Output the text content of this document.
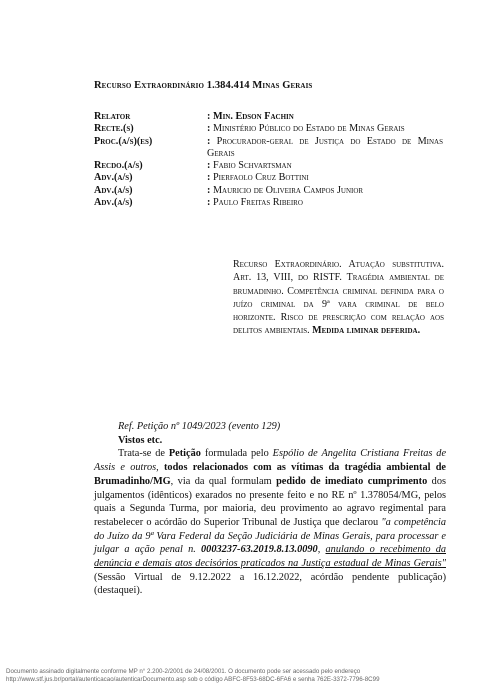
Recurso Extraordinário 1.384.414 Minas Gerais
Relator	: Min. Edson Fachin
Recte.(s)	: Ministério Público do Estado de Minas Gerais
Proc.(a/s)(es)	: Procurador-geral de Justiça do Estado de Minas Gerais
Recdo.(a/s)	: Fabio Schvartsman
Adv.(a/s)	: Pierfaolo Cruz Bottini
Adv.(a/s)	: Mauricio de Oliveira Campos Junior
Adv.(a/s)	: Paulo Freitas Ribeiro
Recurso Extraordinário. Atuação substitutiva. Art. 13, VIII, do RISTF. Tragédia ambiental de brumadinho. Competência criminal definida para o juízo criminal da 9ª vara criminal de belo horizonte. Risco de prescrição com relação aos delitos ambientais. Medida liminar deferida.
Ref. Petição nº 1049/2023 (evento 129)
Vistos etc.
Trata-se de Petição formulada pelo Espólio de Angelita Cristiana Freitas de Assis e outros, todos relacionados com as vítimas da tragédia ambiental de Brumadinho/MG, via da qual formulam pedido de imediato cumprimento dos julgamentos (idênticos) exarados no presente feito e no RE nº 1.378054/MG, pelos quais a Segunda Turma, por maioria, deu provimento ao agravo regimental para restabelecer o acórdão do Superior Tribunal de Justiça que declarou "a competência do Juízo da 9ª Vara Federal da Seção Judiciária de Minas Gerais, para processar e julgar a ação penal n. 0003237-63.2019.8.13.0090, anulando o recebimento da denúncia e demais atos decisórios praticados na Justiça estadual de Minas Gerais" (Sessão Virtual de 9.12.2022 a 16.12.2022, acórdão pendente publicação) (destaquei).
Documento assinado digitalmente conforme MP n° 2.200-2/2001 de 24/08/2001. O documento pode ser acessado pelo endereço
http://www.stf.jus.br/portal/autenticacao/autenticarDocumento.asp sob o código ABFC-8F53-68DC-6FA6 e senha 762E-3372-7796-8C99
